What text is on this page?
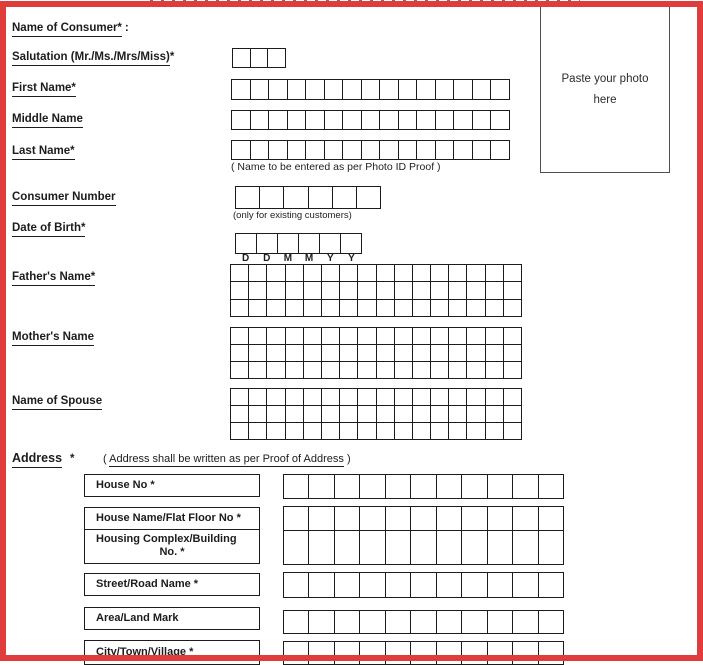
Name of Consumer* :
Salutation (Mr./Ms./Mrs/Miss)*
First Name*
Middle Name
Last Name*
Consumer Number
Date of Birth*
Father's Name*
Mother's Name
Name of Spouse
( Name to be entered as per Photo ID Proof )
(only for existing customers)
D	D	M	M	Y	Y
Paste your photo
here
Address *	( Address shall be written as per Proof of Address )
House No *
House Name/Flat Floor No *
Housing Complex/Building
No. *
Street/Road Name *
Area/Land Mark
City/Town/Village *
